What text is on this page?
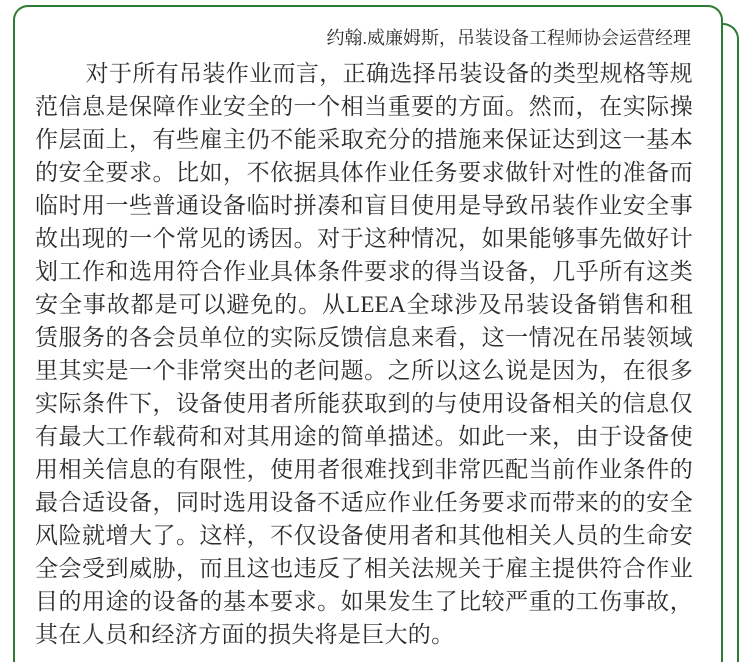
约翰.威廉姆斯，吊装设备工程师协会运营经理
对于所有吊装作业而言，正确选择吊装设备的类型规格等规范信息是保障作业安全的一个相当重要的方面。然而，在实际操作层面上，有些雇主仍不能采取充分的措施来保证达到这一基本的安全要求。比如，不依据具体作业任务要求做针对性的准备而临时用一些普通设备临时拼凑和盲目使用是导致吊装作业安全事故出现的一个常见的诱因。对于这种情况，如果能够事先做好计划工作和选用符合作业具体条件要求的得当设备，几乎所有这类安全事故都是可以避免的。从LEEA全球涉及吊装设备销售和租赁服务的各会员单位的实际反馈信息来看，这一情况在吊装领域里其实是一个非常突出的老问题。之所以这么说是因为，在很多实际条件下，设备使用者所能获取到的与使用设备相关的信息仅有最大工作载荷和对其用途的简单描述。如此一来，由于设备使用相关信息的有限性，使用者很难找到非常匹配当前作业条件的最合适设备，同时选用设备不适应作业任务要求而带来的的安全风险就增大了。这样，不仅设备使用者和其他相关人员的生命安全会受到威胁，而且这也违反了相关法规关于雇主提供符合作业目的用途的设备的基本要求。如果发生了比较严重的工伤事故，其在人员和经济方面的损失将是巨大的。
